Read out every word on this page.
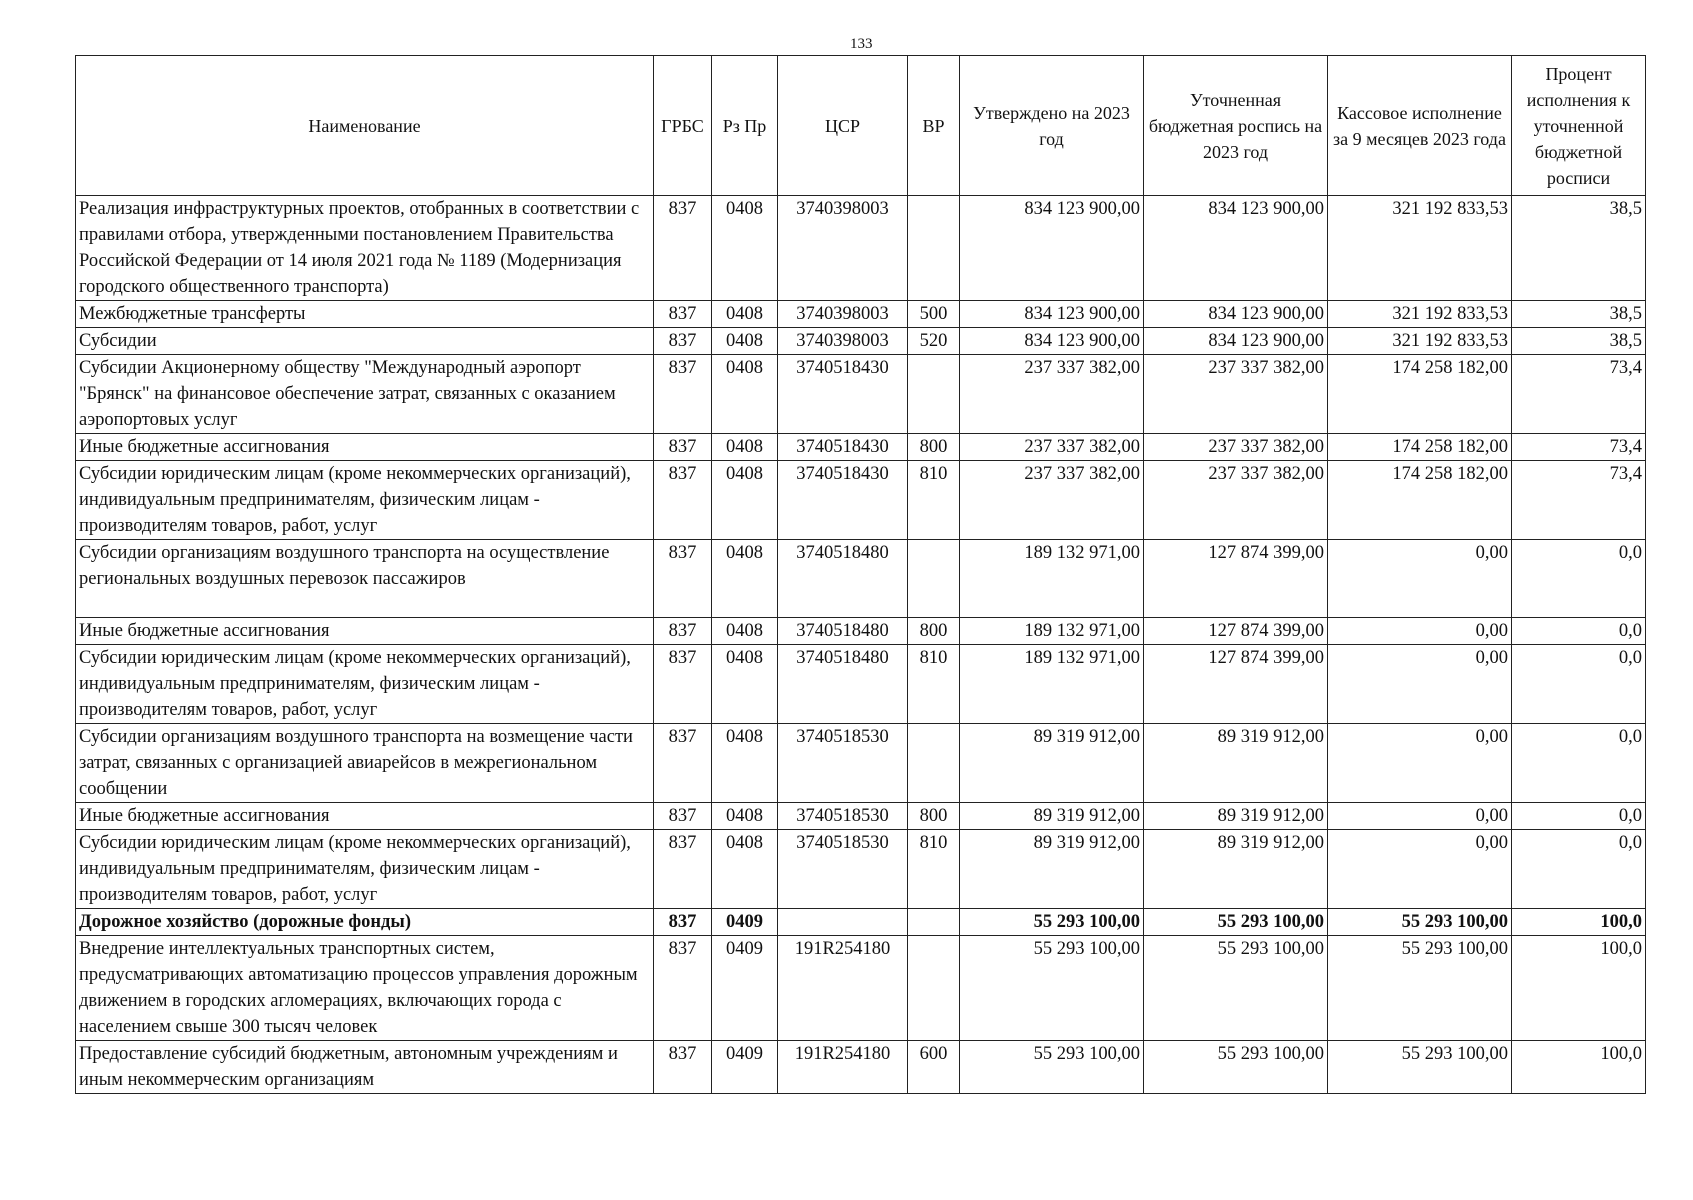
133
Наименование	ГРБС	Рз Пр	ЦСР	ВР	Утверждено на 2023 год	Уточненная бюджетная роспись на 2023 год	Кассовое исполнение за 9 месяцев 2023 года	Процент исполнения к уточненной бюджетной росписи
Реализация инфраструктурных проектов, отобранных в соответствии с правилами отбора, утвержденными постановлением Правительства Российской Федерации от 14 июля 2021 года № 1189 (Модернизация городского общественного транспорта)	837	0408	3740398003		834 123 900,00	834 123 900,00	321 192 833,53	38,5
Межбюджетные трансферты	837	0408	3740398003	500	834 123 900,00	834 123 900,00	321 192 833,53	38,5
Субсидии	837	0408	3740398003	520	834 123 900,00	834 123 900,00	321 192 833,53	38,5
Субсидии Акционерному обществу "Международный аэропорт "Брянск" на финансовое обеспечение затрат, связанных с оказанием аэропортовых услуг	837	0408	3740518430		237 337 382,00	237 337 382,00	174 258 182,00	73,4
Иные бюджетные ассигнования	837	0408	3740518430	800	237 337 382,00	237 337 382,00	174 258 182,00	73,4
Субсидии юридическим лицам (кроме некоммерческих организаций), индивидуальным предпринимателям, физическим лицам - производителям товаров, работ, услуг	837	0408	3740518430	810	237 337 382,00	237 337 382,00	174 258 182,00	73,4
Субсидии организациям воздушного транспорта на осуществление региональных воздушных перевозок пассажиров	837	0408	3740518480		189 132 971,00	127 874 399,00	0,00	0,0
Иные бюджетные ассигнования	837	0408	3740518480	800	189 132 971,00	127 874 399,00	0,00	0,0
Субсидии юридическим лицам (кроме некоммерческих организаций), индивидуальным предпринимателям, физическим лицам - производителям товаров, работ, услуг	837	0408	3740518480	810	189 132 971,00	127 874 399,00	0,00	0,0
Субсидии организациям воздушного транспорта на возмещение части затрат, связанных с организацией авиарейсов в межрегиональном сообщении	837	0408	3740518530		89 319 912,00	89 319 912,00	0,00	0,0
Иные бюджетные ассигнования	837	0408	3740518530	800	89 319 912,00	89 319 912,00	0,00	0,0
Субсидии юридическим лицам (кроме некоммерческих организаций), индивидуальным предпринимателям, физическим лицам - производителям товаров, работ, услуг	837	0408	3740518530	810	89 319 912,00	89 319 912,00	0,00	0,0
Дорожное хозяйство (дорожные фонды)	837	0409			55 293 100,00	55 293 100,00	55 293 100,00	100,0
Внедрение интеллектуальных транспортных систем, предусматривающих автоматизацию процессов управления дорожным движением в городских агломерациях, включающих города с населением свыше 300 тысяч человек	837	0409	191R254180		55 293 100,00	55 293 100,00	55 293 100,00	100,0
Предоставление субсидий бюджетным, автономным учреждениям и иным некоммерческим организациям	837	0409	191R254180	600	55 293 100,00	55 293 100,00	55 293 100,00	100,0
